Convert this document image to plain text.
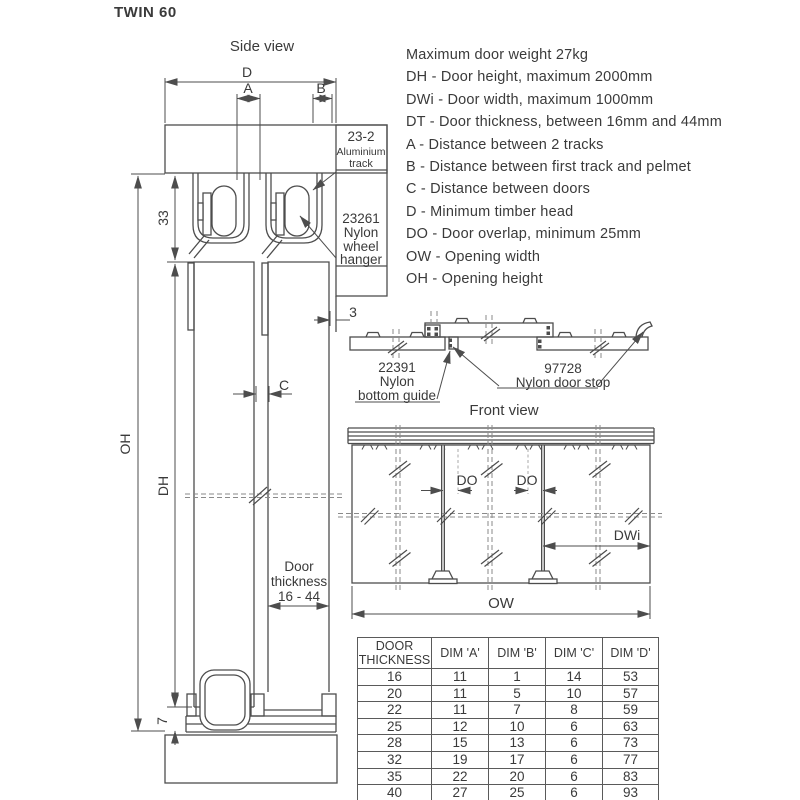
TWIN 60
Maximum door weight 27kg
DH - Door height, maximum 2000mm
DWi - Door width, maximum 1000mm
DT - Door thickness, between 16mm and 44mm
A - Distance between 2 tracks
B - Distance between first track and pelmet
C - Distance between doors
D - Minimum timber head
DO - Door overlap, minimum 25mm
OW - Opening width
OH - Opening height
Side view
D
A	B
33
OH
DH
7
C
3
Door
thickness
16 - 44
23-2
Aluminium
track
23261
Nylon
wheel
hanger
22391
Nylon
bottom guide
97728
Nylon door stop
Front view
DO	DO
DWi
OW
DOOR THICKNESS	DIM 'A'	DIM 'B'	DIM 'C'	DIM 'D'
16	11	1	14	53
20	11	5	10	57
22	11	7	8	59
25	12	10	6	63
28	15	13	6	73
32	19	17	6	77
35	22	20	6	83
40	27	25	6	93
